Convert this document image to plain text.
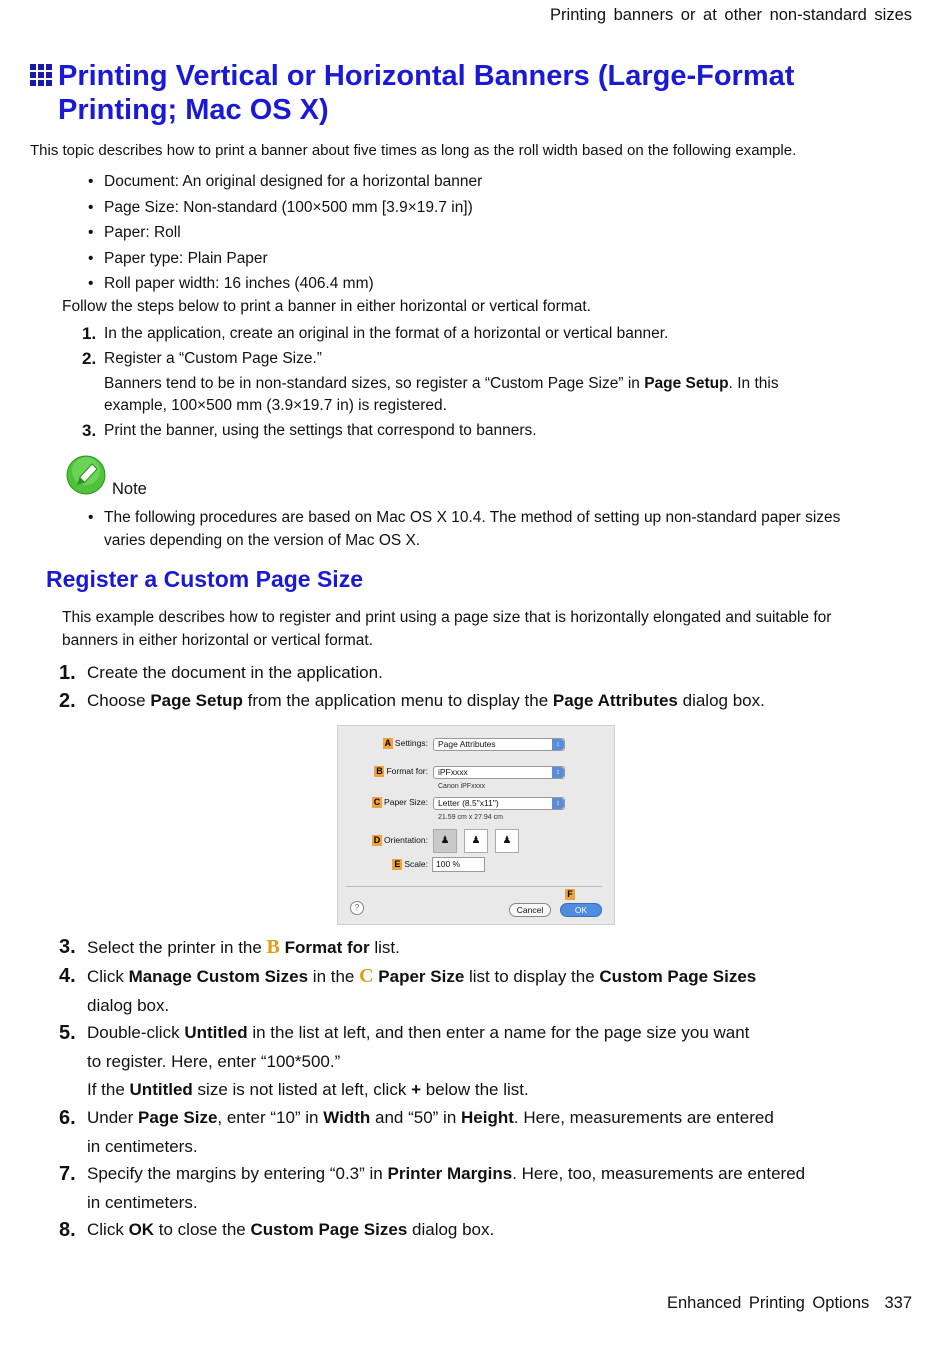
Printing banners or at other non-standard sizes
Printing Vertical or Horizontal Banners (Large-Format
Printing; Mac OS X)
This topic describes how to print a banner about five times as long as the roll width based on the following example.
• Document: An original designed for a horizontal banner
• Page Size: Non-standard (100×500 mm [3.9×19.7 in])
• Paper: Roll
• Paper type: Plain Paper
• Roll paper width: 16 inches (406.4 mm)
Follow the steps below to print a banner in either horizontal or vertical format.
1. In the application, create an original in the format of a horizontal or vertical banner.
2. Register a “Custom Page Size.”
Banners tend to be in non-standard sizes, so register a “Custom Page Size” in Page Setup. In this
example, 100×500 mm (3.9×19.7 in) is registered.
3. Print the banner, using the settings that correspond to banners.
Note
• The following procedures are based on Mac OS X 10.4. The method of setting up non-standard paper sizes varies depending on the version of Mac OS X.
Register a Custom Page Size
This example describes how to register and print using a page size that is horizontally elongated and suitable for banners in either horizontal or vertical format.
1. Create the document in the application.
2. Choose Page Setup from the application menu to display the Page Attributes dialog box.
A Settings:	Page Attributes	↕
B Format for:	iPFxxxx	↕
Canon iPFxxxx
C Paper Size:	Letter (8.5"x11")	↕
21.59 cm x 27.94 cm
D Orientation:	♟	♟	♟
E Scale: 100 %
F
?	Cancel	OK
3. Select the printer in the B Format for list.
4. Click Manage Custom Sizes in the C Paper Size list to display the Custom Page Sizes
dialog box.
5. Double-click Untitled in the list at left, and then enter a name for the page size you want
to register. Here, enter “100*500.”
If the Untitled size is not listed at left, click + below the list.
6. Under Page Size, enter “10” in Width and “50” in Height. Here, measurements are entered
in centimeters.
7. Specify the margins by entering “0.3” in Printer Margins. Here, too, measurements are entered
in centimeters.
8. Click OK to close the Custom Page Sizes dialog box.
Enhanced Printing Options 337
